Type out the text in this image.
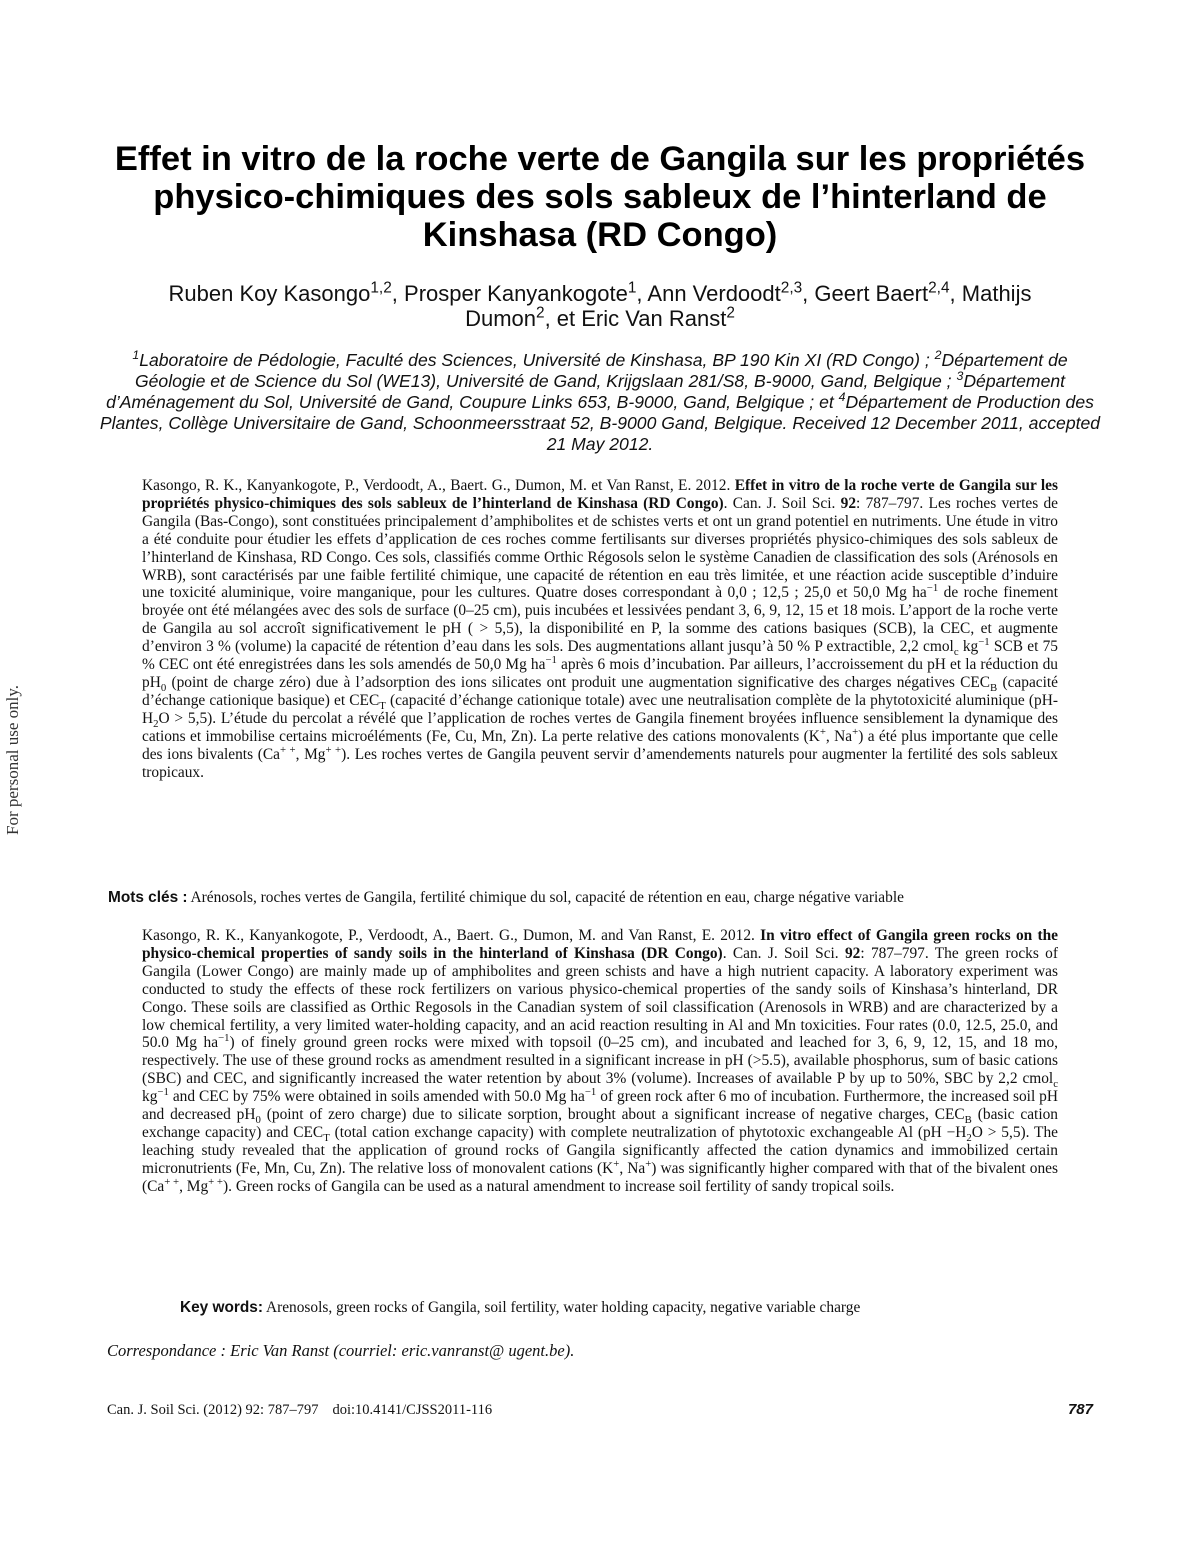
For personal use only.
Effet in vitro de la roche verte de Gangila sur les propriétés physico-chimiques des sols sableux de l’hinterland de Kinshasa (RD Congo)
Ruben Koy Kasongo$^{1,2}$, Prosper Kanyankogote$^1$, Ann Verdoodt$^{2,3}$, Geert Baert$^{2,4}$, Mathijs Dumon$^2$, et Eric Van Ranst$^2$
$^1$Laboratoire de Pédologie, Faculté des Sciences, Université de Kinshasa, BP 190 Kin XI (RD Congo) ; $^2$Département de Géologie et de Science du Sol (WE13), Université de Gand, Krijgslaan 281/S8, B-9000, Gand, Belgique ; $^3$Département d’Aménagement du Sol, Université de Gand, Coupure Links 653, B-9000, Gand, Belgique ; et $^4$Département de Production des Plantes, Collège Universitaire de Gand, Schoonmeersstraat 52, B-9000 Gand, Belgique. Received 12 December 2011, accepted 21 May 2012.

Kasongo, R. K., Kanyankogote, P., Verdoodt, A., Baert. G., Dumon, M. et Van Ranst, E. 2012. Effet in vitro de la roche verte de Gangila sur les propriétés physico-chimiques des sols sableux de l’hinterland de Kinshasa (RD Congo). Can. J. Soil Sci. 92: 787–797. Les roches vertes de Gangila (Bas-Congo), sont constituées principalement d’amphibolites et de schistes verts et ont un grand potentiel en nutriments. Une étude in vitro a été conduite pour étudier les effets d’application de ces roches comme fertilisants sur diverses propriétés physico-chimiques des sols sableux de l’hinterland de Kinshasa, RD Congo. Ces sols, classifiés comme Orthic Régosols selon le système Canadien de classification des sols (Arénosols en WRB), sont caractérisés par une faible fertilité chimique, une capacité de rétention en eau très limitée, et une réaction acide susceptible d’induire une toxicité aluminique, voire manganique, pour les cultures. Quatre doses correspondant à 0,0 ; 12,5 ; 25,0 et 50,0 Mg $ha^{-1}$ de roche finement broyée ont été mélangées avec des sols de surface (0–25 cm), puis incubées et lessivées pendant 3, 6, 9, 12, 15 et 18 mois. L’apport de la roche verte de Gangila au sol accroît significativement le pH ( > 5,5), la disponibilité en P, la somme des cations basiques (SCB), la CEC, et augmente d’environ 3 % (volume) la capacité de rétention d’eau dans les sols. Des augmentations allant jusqu’à 50 % P extractible, 2,2 cmol$_c$ $kg^{-1}$ SCB et 75 % CEC ont été enregistrées dans les sols amendés de 50,0 Mg $ha^{-1}$ après 6 mois d’incubation. Par ailleurs, l’accroissement du pH et la réduction du $pH_0$ (point de charge zéro) due à l’adsorption des ions silicates ont produit une augmentation significative des charges négatives $CEC_B$ (capacité d’échange cationique basique) et $CEC_T$ (capacité d’échange cationique totale) avec une neutralisation complète de la phytotoxicité aluminique $(pH-H_2O > 5,5)$. L’étude du percolat a révélé que l’application de roches vertes de Gangila finement broyées influence sensiblement la dynamique des cations et immobilise certains microéléments (Fe, Cu, Mn, Zn). La perte relative des cations monovalents (K+, Na+) a été plus importante que celle des ions bivalents (Ca+ +, Mg+ +). Les roches vertes de Gangila peuvent servir d’amendements naturels pour augmenter la fertilité des sols sableux tropicaux.

Mots clés : Arénosols, roches vertes de Gangila, fertilité chimique du sol, capacité de rétention en eau, charge négative variable

Kasongo, R. K., Kanyankogote, P., Verdoodt, A., Baert. G., Dumon, M. and Van Ranst, E. 2012. In vitro effect of Gangila green rocks on the physico-chemical properties of sandy soils in the hinterland of Kinshasa (DR Congo). Can. J. Soil Sci. 92: 787–797. The green rocks of Gangila (Lower Congo) are mainly made up of amphibolites and green schists and have a high nutrient capacity. A laboratory experiment was conducted to study the effects of these rock fertilizers on various physico-chemical properties of the sandy soils of Kinshasa’s hinterland, DR Congo. These soils are classified as Orthic Regosols in the Canadian system of soil classification (Arenosols in WRB) and are characterized by a low chemical fertility, a very limited water-holding capacity, and an acid reaction resulting in Al and Mn toxicities. Four rates (0.0, 12.5, 25.0, and 50.0 Mg $ha^{-1}$) of finely ground green rocks were mixed with topsoil (0–25 cm), and incubated and leached for 3, 6, 9, 12, 15, and 18 mo, respectively. The use of these ground rocks as amendment resulted in a significant increase in pH (>5.5), available phosphorus, sum of basic cations (SBC) and CEC, and significantly increased the water retention by about 3% (volume). Increases of available P by up to 50%, SBC by 2,2 cmol$_c$ $kg^{-1}$ and CEC by 75% were obtained in soils amended with 50.0 Mg $ha^{-1}$ of green rock after 6 mo of incubation. Furthermore, the increased soil pH and decreased $pH_0$ (point of zero charge) due to silicate sorption, brought about a significant increase of negative charges, $CEC_B$ (basic cation exchange capacity) and $CEC_T$ (total cation exchange capacity) with complete neutralization of phytotoxic exchangeable Al $(pH -H_2O > 5,5)$. The leaching study revealed that the application of ground rocks of Gangila significantly affected the cation dynamics and immobilized certain micronutrients (Fe, Mn, Cu, Zn). The relative loss of monovalent cations (K+, Na+) was significantly higher compared with that of the bivalent ones (Ca+ +, Mg+ +). Green rocks of Gangila can be used as a natural amendment to increase soil fertility of sandy tropical soils.

Key words: Arenosols, green rocks of Gangila, soil fertility, water holding capacity, negative variable charge
Correspondance : Eric Van Ranst (courriel: eric.vanranst@ ugent.be).
Can. J. Soil Sci. (2012) 92: 787–797 doi:10.4141/CJSS2011-116	787
